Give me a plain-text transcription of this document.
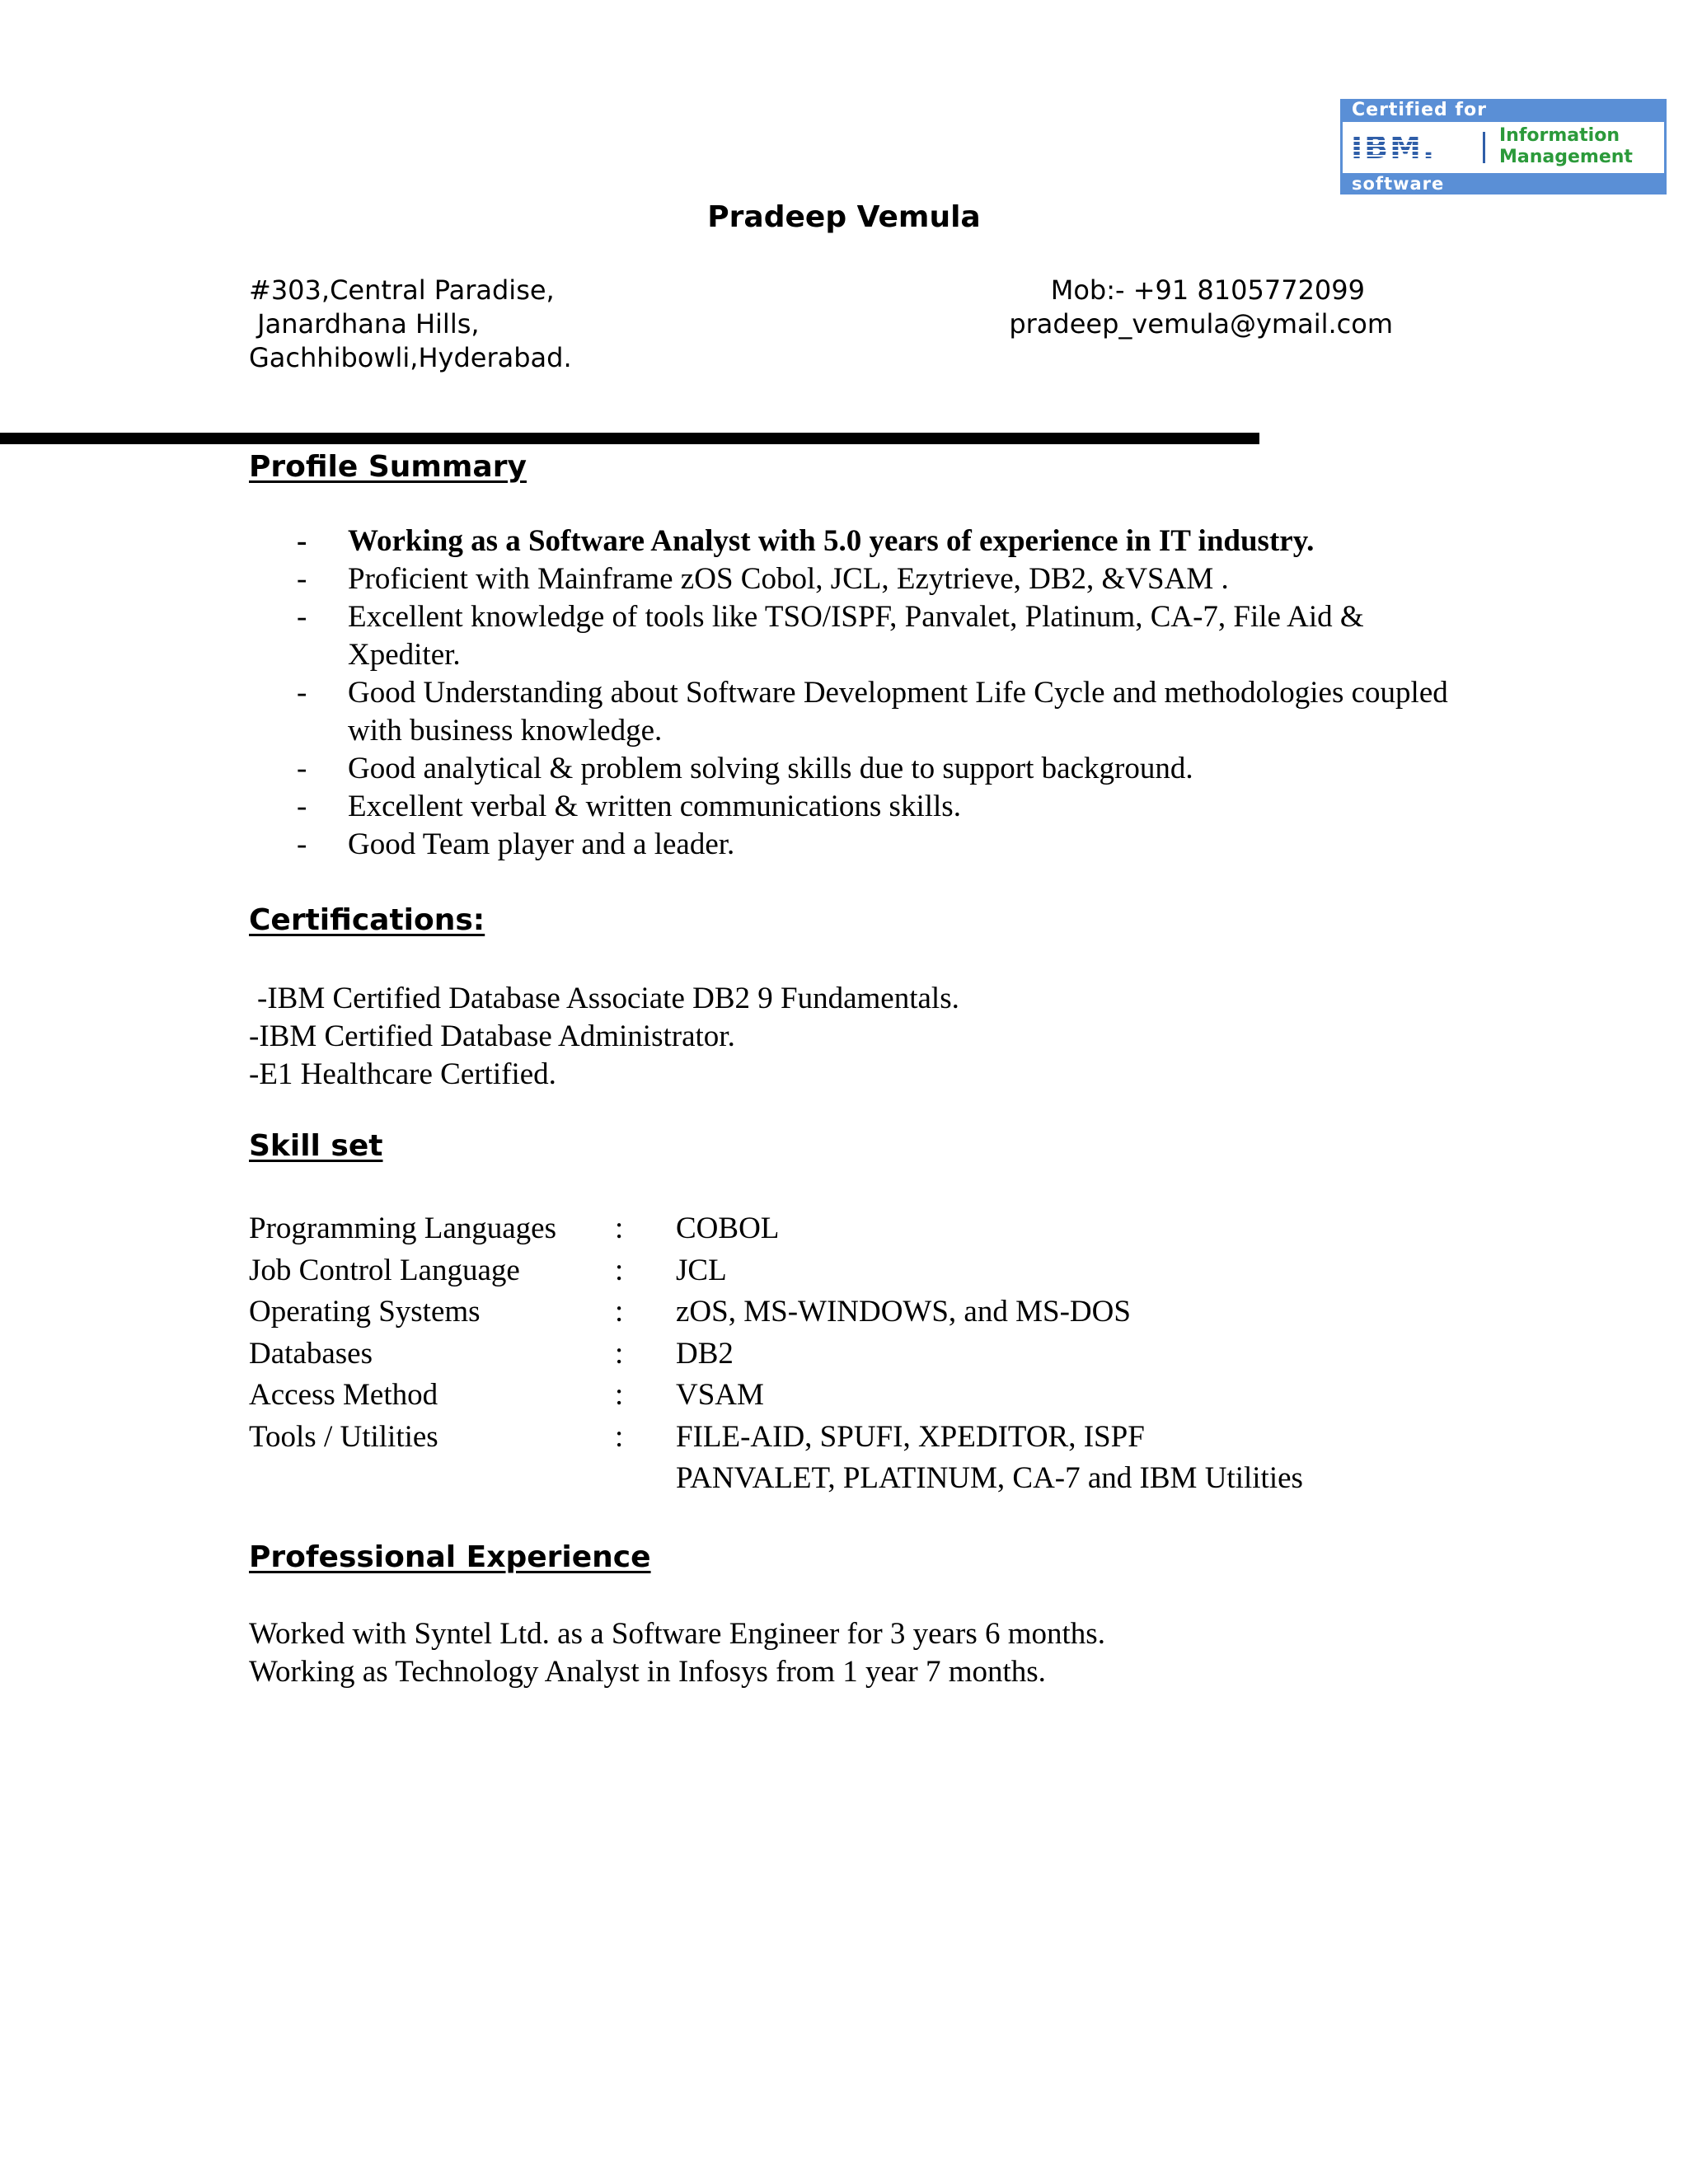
Certified for
IBM.	Information
Management
software
Pradeep Vemula
#303,Central Paradise,
Janardhana Hills,
Gachhibowli,Hyderabad.
Mob:- +91 8105772099
pradeep_vemula@ymail.com
Profile Summary
- Working as a Software Analyst with 5.0 years of experience in IT industry.
- Proficient with Mainframe zOS Cobol, JCL, Ezytrieve, DB2, &VSAM .
- Excellent knowledge of tools like TSO/ISPF, Panvalet, Platinum, CA-7, File Aid & Xpediter.
- Good Understanding about Software Development Life Cycle and methodologies coupled with business knowledge.
- Good analytical & problem solving skills due to support background.
- Excellent verbal & written communications skills.
- Good Team player and a leader.
Certifications:
-IBM Certified Database Associate DB2 9 Fundamentals.
-IBM Certified Database Administrator.
-E1 Healthcare Certified.
Skill set
Programming Languages : COBOL
Job Control Language	: JCL
Operating Systems	: zOS, MS-WINDOWS, and MS-DOS
Databases	: DB2
Access Method	: VSAM
Tools / Utilities	: FILE-AID, SPUFI, XPEDITOR, ISPF
PANVALET, PLATINUM, CA-7 and IBM Utilities
Professional Experience
Worked with Syntel Ltd. as a Software Engineer for 3 years 6 months.
Working as Technology Analyst in Infosys from 1 year 7 months.
